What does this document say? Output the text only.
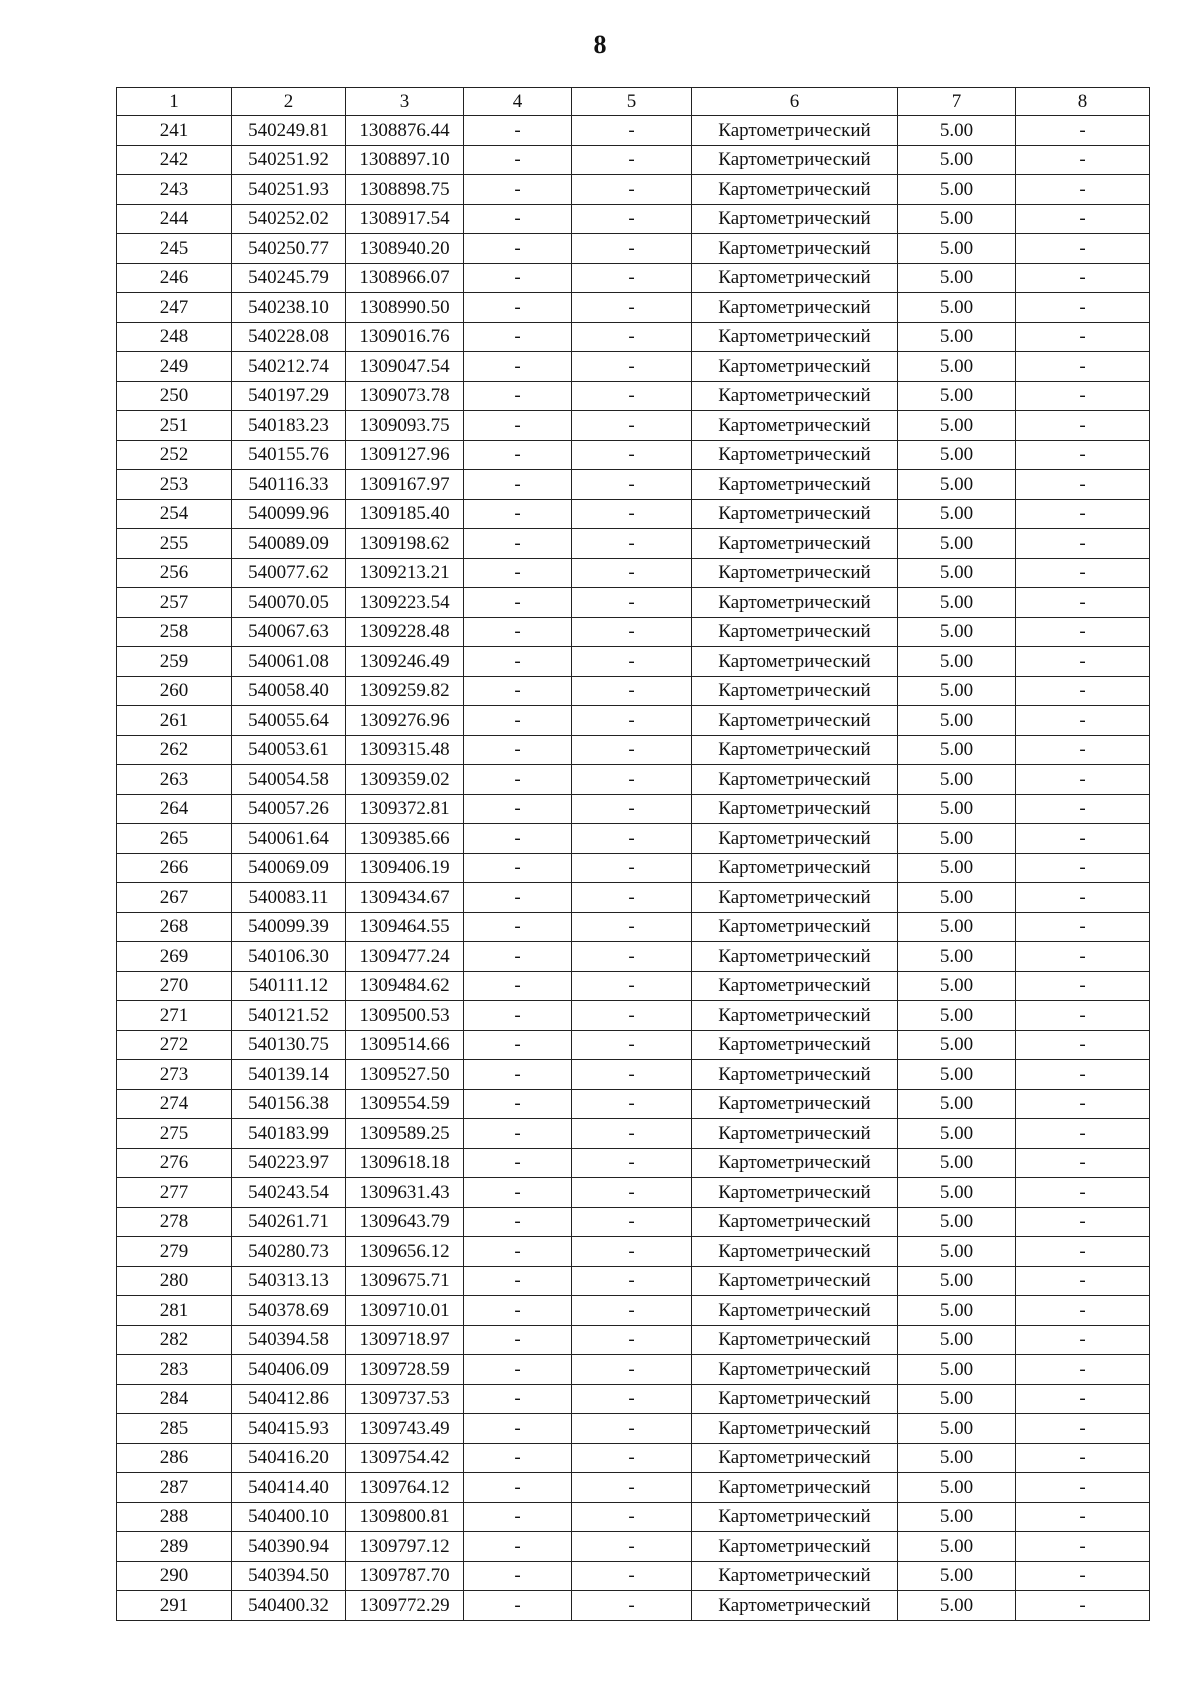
8
1	2	3	4	5	6	7	8
241	540249.81	1308876.44	-	-	Картометрический	5.00	-
242	540251.92	1308897.10	-	-	Картометрический	5.00	-
243	540251.93	1308898.75	-	-	Картометрический	5.00	-
244	540252.02	1308917.54	-	-	Картометрический	5.00	-
245	540250.77	1308940.20	-	-	Картометрический	5.00	-
246	540245.79	1308966.07	-	-	Картометрический	5.00	-
247	540238.10	1308990.50	-	-	Картометрический	5.00	-
248	540228.08	1309016.76	-	-	Картометрический	5.00	-
249	540212.74	1309047.54	-	-	Картометрический	5.00	-
250	540197.29	1309073.78	-	-	Картометрический	5.00	-
251	540183.23	1309093.75	-	-	Картометрический	5.00	-
252	540155.76	1309127.96	-	-	Картометрический	5.00	-
253	540116.33	1309167.97	-	-	Картометрический	5.00	-
254	540099.96	1309185.40	-	-	Картометрический	5.00	-
255	540089.09	1309198.62	-	-	Картометрический	5.00	-
256	540077.62	1309213.21	-	-	Картометрический	5.00	-
257	540070.05	1309223.54	-	-	Картометрический	5.00	-
258	540067.63	1309228.48	-	-	Картометрический	5.00	-
259	540061.08	1309246.49	-	-	Картометрический	5.00	-
260	540058.40	1309259.82	-	-	Картометрический	5.00	-
261	540055.64	1309276.96	-	-	Картометрический	5.00	-
262	540053.61	1309315.48	-	-	Картометрический	5.00	-
263	540054.58	1309359.02	-	-	Картометрический	5.00	-
264	540057.26	1309372.81	-	-	Картометрический	5.00	-
265	540061.64	1309385.66	-	-	Картометрический	5.00	-
266	540069.09	1309406.19	-	-	Картометрический	5.00	-
267	540083.11	1309434.67	-	-	Картометрический	5.00	-
268	540099.39	1309464.55	-	-	Картометрический	5.00	-
269	540106.30	1309477.24	-	-	Картометрический	5.00	-
270	540111.12	1309484.62	-	-	Картометрический	5.00	-
271	540121.52	1309500.53	-	-	Картометрический	5.00	-
272	540130.75	1309514.66	-	-	Картометрический	5.00	-
273	540139.14	1309527.50	-	-	Картометрический	5.00	-
274	540156.38	1309554.59	-	-	Картометрический	5.00	-
275	540183.99	1309589.25	-	-	Картометрический	5.00	-
276	540223.97	1309618.18	-	-	Картометрический	5.00	-
277	540243.54	1309631.43	-	-	Картометрический	5.00	-
278	540261.71	1309643.79	-	-	Картометрический	5.00	-
279	540280.73	1309656.12	-	-	Картометрический	5.00	-
280	540313.13	1309675.71	-	-	Картометрический	5.00	-
281	540378.69	1309710.01	-	-	Картометрический	5.00	-
282	540394.58	1309718.97	-	-	Картометрический	5.00	-
283	540406.09	1309728.59	-	-	Картометрический	5.00	-
284	540412.86	1309737.53	-	-	Картометрический	5.00	-
285	540415.93	1309743.49	-	-	Картометрический	5.00	-
286	540416.20	1309754.42	-	-	Картометрический	5.00	-
287	540414.40	1309764.12	-	-	Картометрический	5.00	-
288	540400.10	1309800.81	-	-	Картометрический	5.00	-
289	540390.94	1309797.12	-	-	Картометрический	5.00	-
290	540394.50	1309787.70	-	-	Картометрический	5.00	-
291	540400.32	1309772.29	-	-	Картометрический	5.00	-
